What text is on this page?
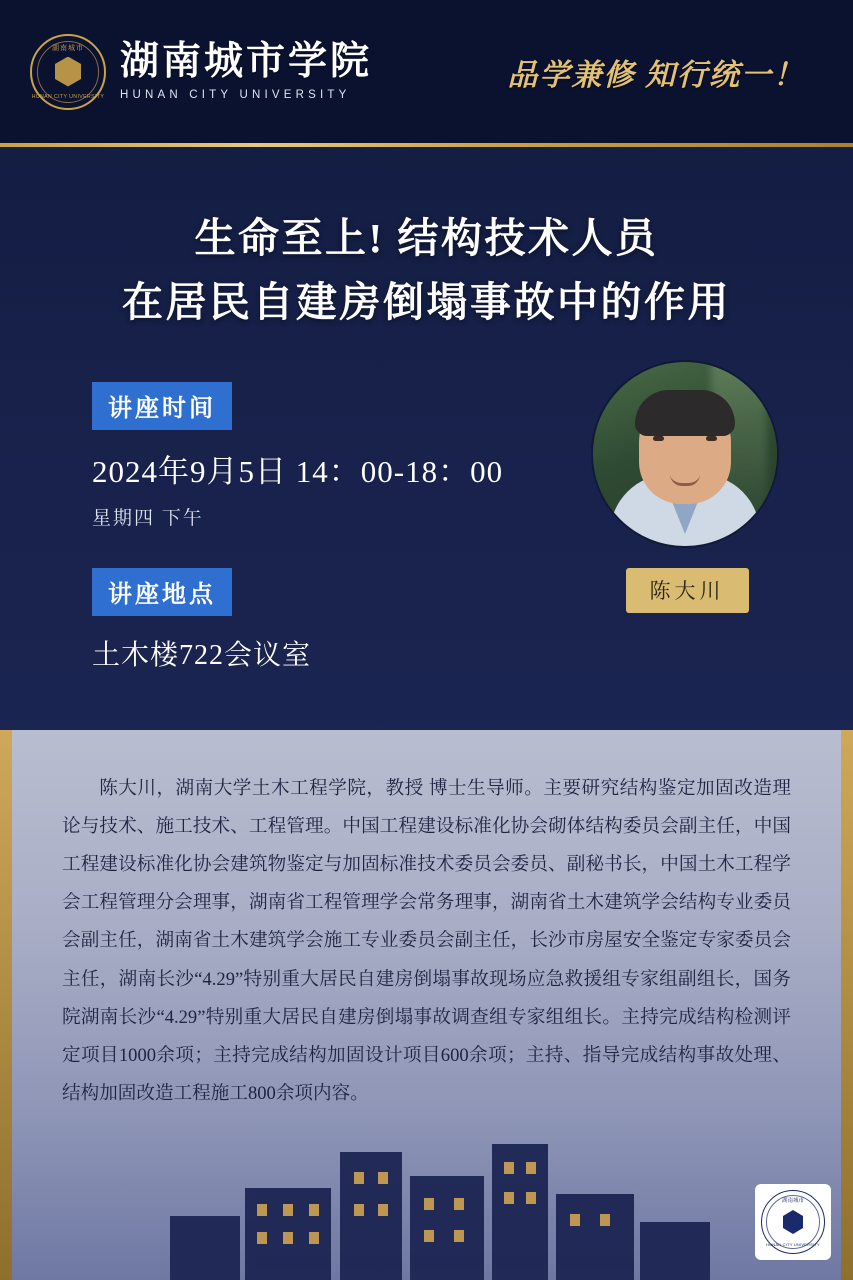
湖南城市
HUNAN CITY UNIVERSITY
湖南城市学院
HUNAN CITY UNIVERSITY
品学兼修 知行统一！
生命至上! 结构技术人员
在居民自建房倒塌事故中的作用
讲座时间
2024年9月5日 14：00-18：00
星期四 下午
讲座地点
土木楼722会议室
陈大川
陈大川，湖南大学土木工程学院，教授 博士生导师。主要研究结构鉴定加固改造理论与技术、施工技术、工程管理。中国工程建设标准化协会砌体结构委员会副主任，中国工程建设标准化协会建筑物鉴定与加固标准技术委员会委员、副秘书长，中国土木工程学会工程管理分会理事，湖南省工程管理学会常务理事，湖南省土木建筑学会结构专业委员会副主任，湖南省土木建筑学会施工专业委员会副主任，长沙市房屋安全鉴定专家委员会主任，湖南长沙“4.29”特别重大居民自建房倒塌事故现场应急救援组专家组副组长，国务院湖南长沙“4.29”特别重大居民自建房倒塌事故调查组专家组组长。主持完成结构检测评定项目1000余项；主持完成结构加固设计项目600余项；主持、指导完成结构事故处理、结构加固改造工程施工800余项内容。
湖南城市
HUNAN CITY UNIVERSITY
